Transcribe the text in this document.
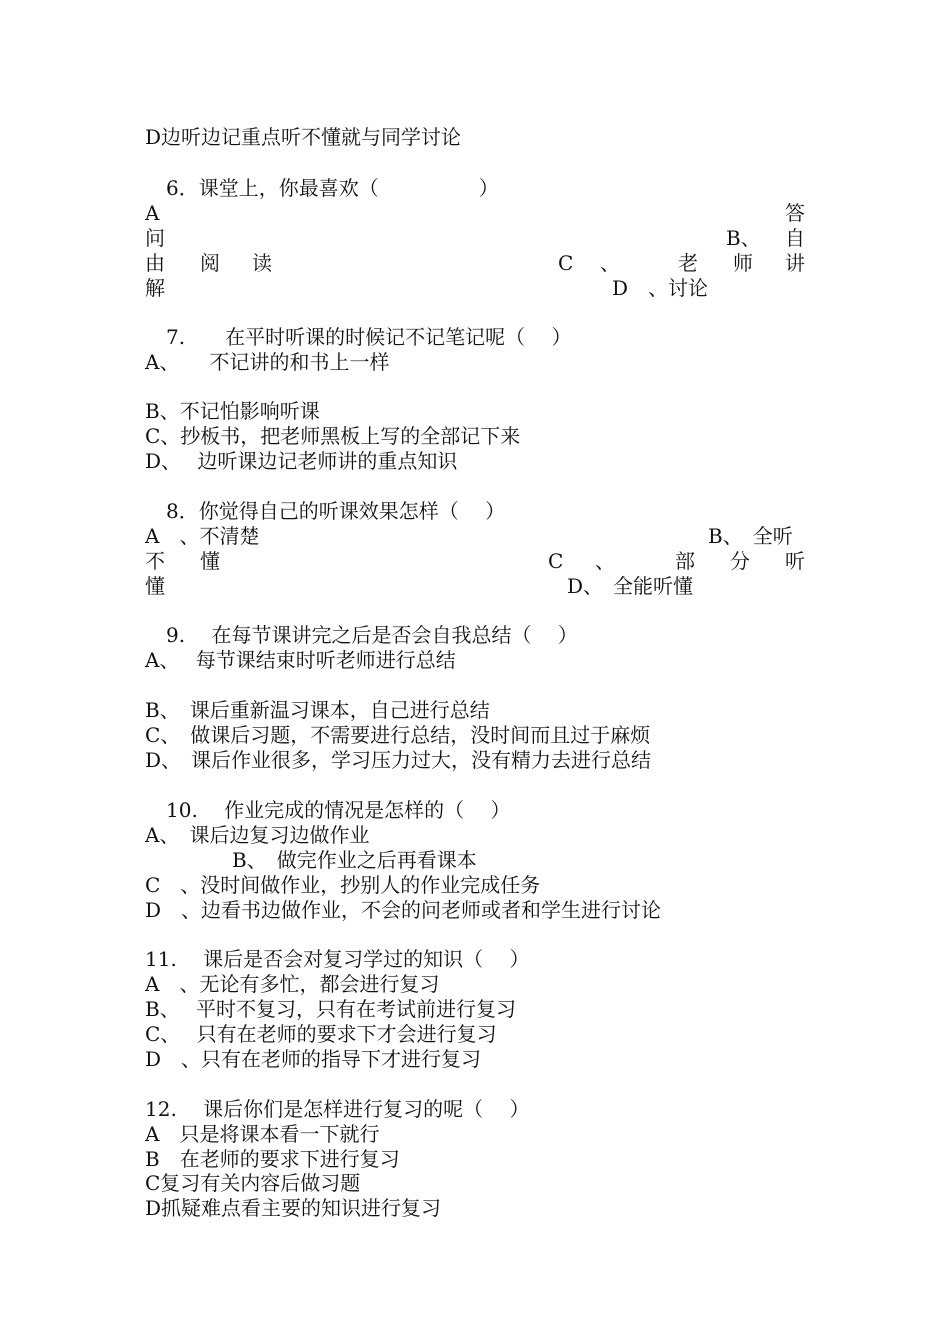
D边听边记重点听不懂就与同学讨论
6．课堂上，你最喜欢（　　　　　）
A	答
问	B、 自
由 阅 读	C 、	老 师 讲
解	D　、讨论
7.　　在平时听课的时候记不记笔记呢（　 ）
A、　　不记讲的和书上一样
B、不记怕影响听课
C、抄板书，把老师黑板上写的全部记下来
D、　 边听课边记老师讲的重点知识
8．你觉得自己的听课效果怎样（　 ）
A　、不清楚	B、　全听
不 懂	C 、	部 分 听
懂	D、　全能听懂
9.　 在每节课讲完之后是否会自我总结（　 ）
A、　 每节课结束时听老师进行总结
B、　课后重新温习课本，自己进行总结
C、　做课后习题，不需要进行总结，没时间而且过于麻烦
D、　课后作业很多，学习压力过大，没有精力去进行总结
10.　 作业完成的情况是怎样的（　 ）
A、　课后边复习边做作业
B、　做完作业之后再看课本
C　、没时间做作业，抄别人的作业完成任务
D　、边看书边做作业，不会的问老师或者和学生进行讨论
11.　 课后是否会对复习学过的知识（　 ）
A　、无论有多忙，都会进行复习
B、　 平时不复习，只有在考试前进行复习
C、　 只有在老师的要求下才会进行复习
D　、只有在老师的指导下才进行复习
12.　 课后你们是怎样进行复习的呢（　 ）
A　只是将课本看一下就行
B　在老师的要求下进行复习
C复习有关内容后做习题
D抓疑难点看主要的知识进行复习
